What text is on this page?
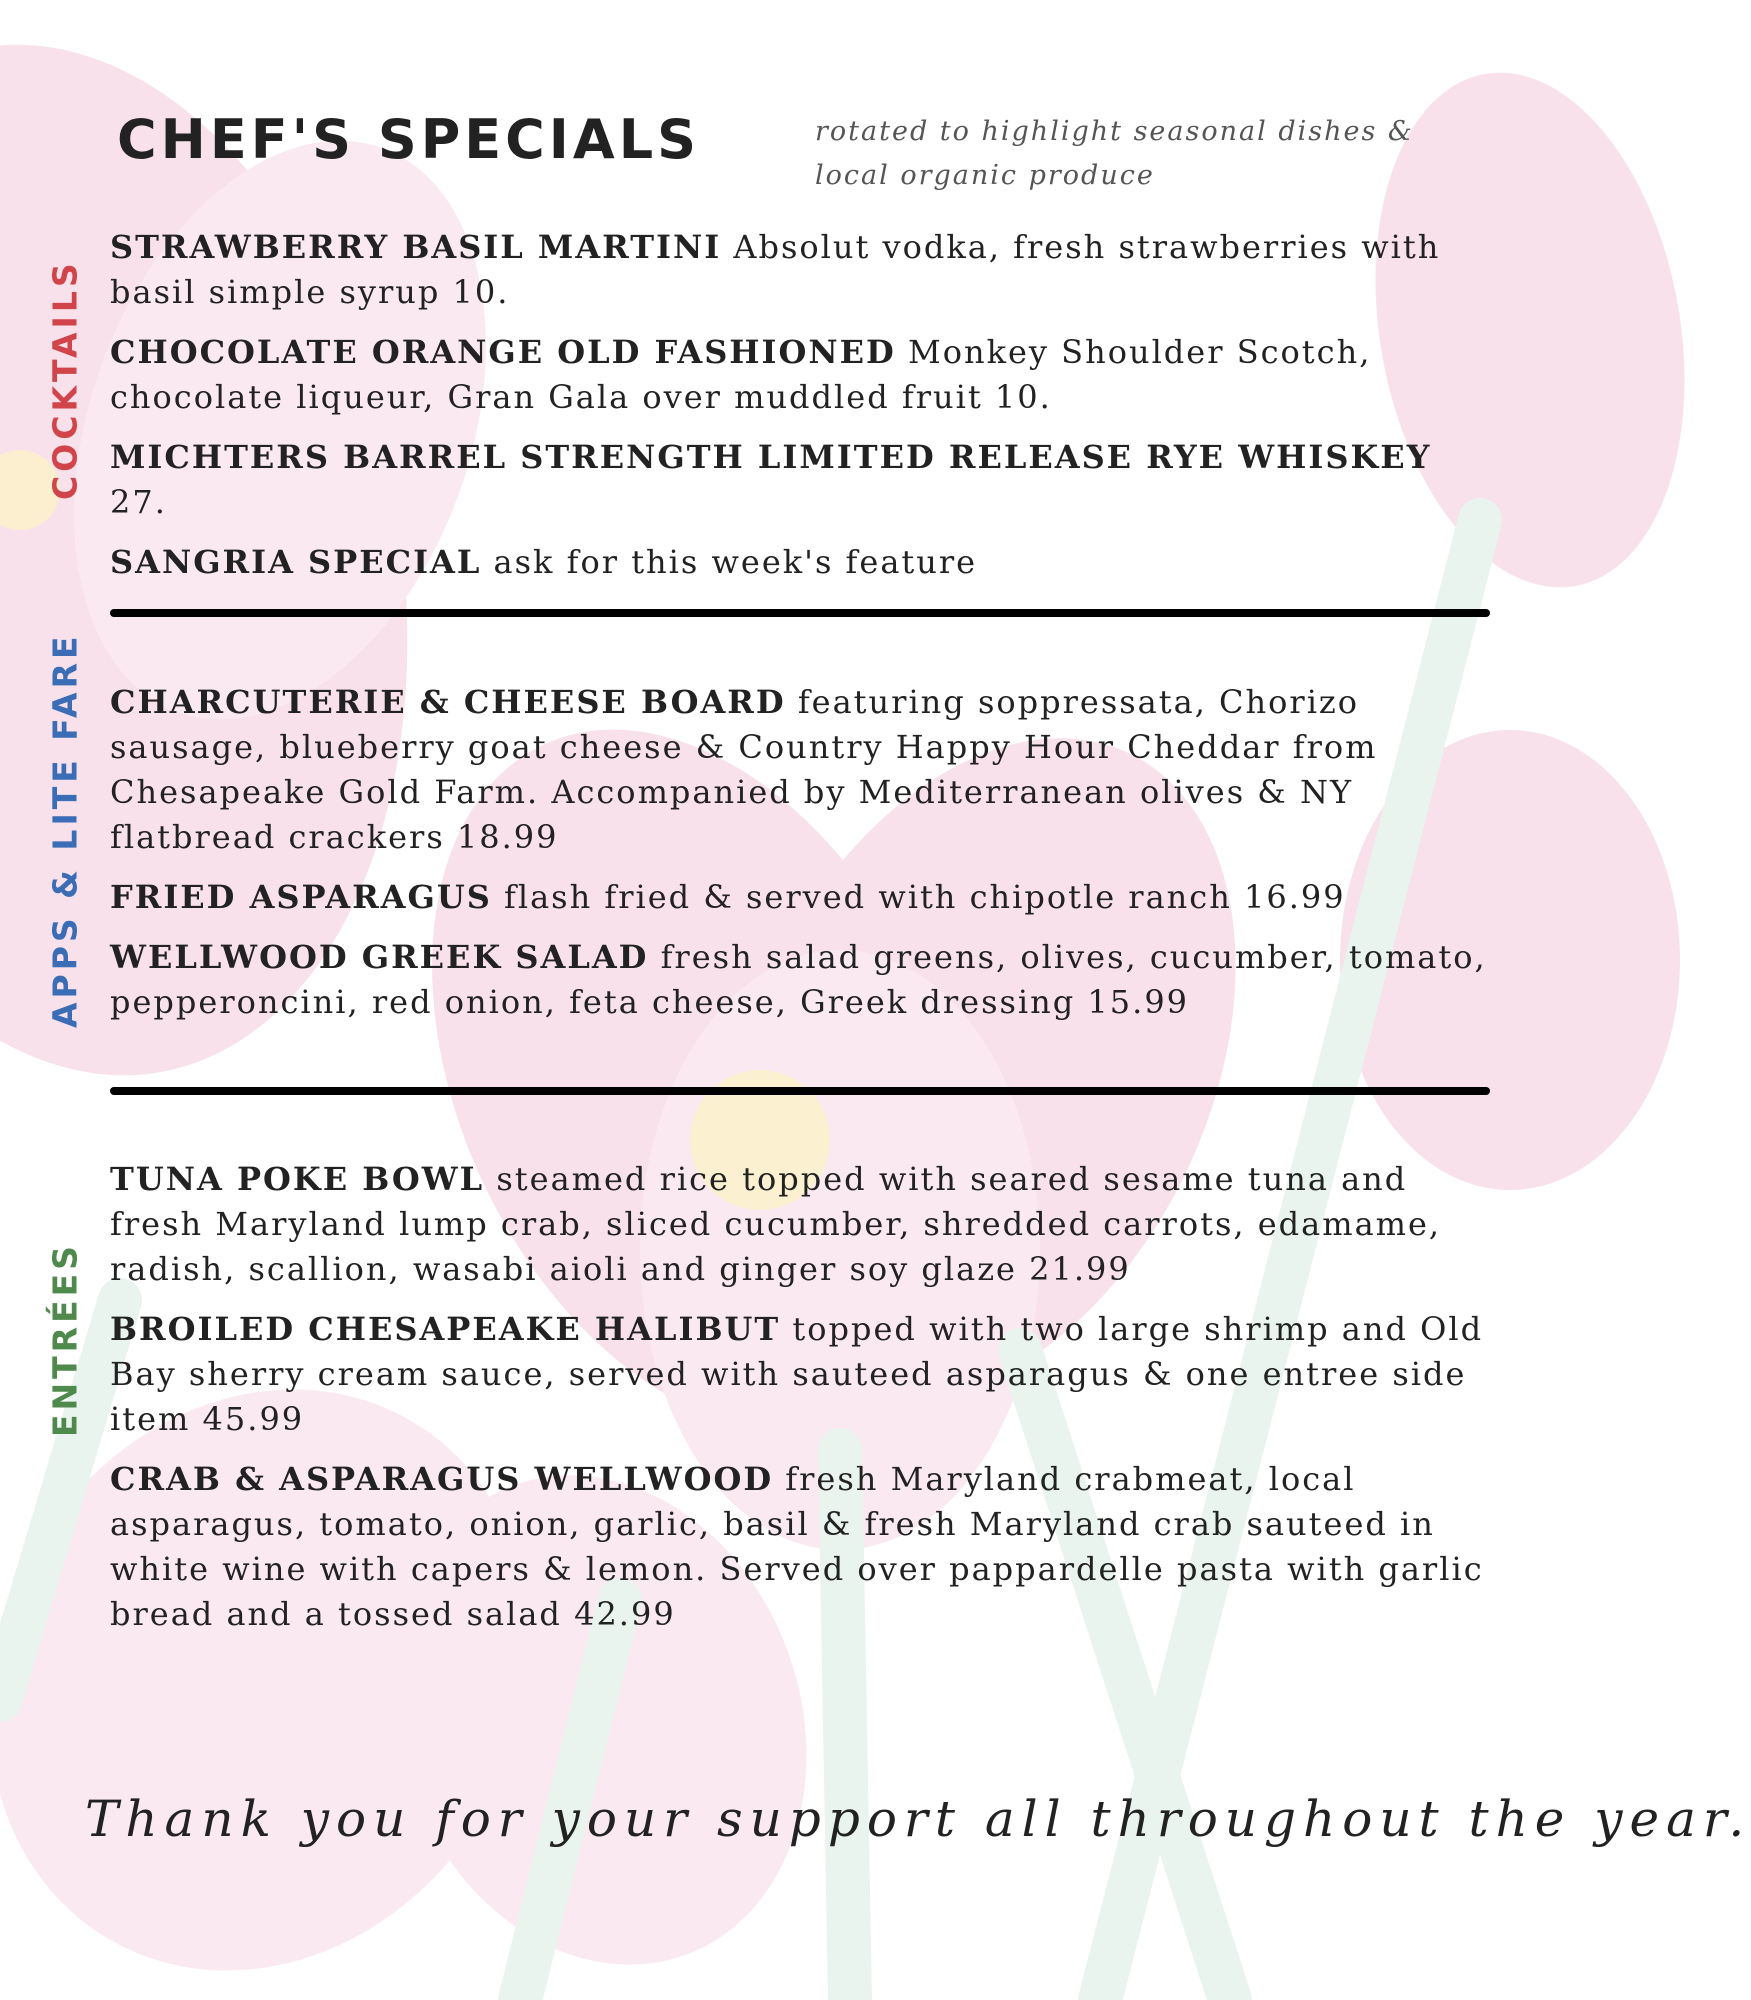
CHEF'S SPECIALS	rotated to highlight seasonal dishes & local organic produce
COCKTAILS
APPS & LITE FARE
ENTRÉES

STRAWBERRY BASIL MARTINI Absolut vodka, fresh strawberries with basil simple syrup 10.

CHOCOLATE ORANGE OLD FASHIONED Monkey Shoulder Scotch, chocolate liqueur, Gran Gala over muddled fruit 10.

MICHTERS BARREL STRENGTH LIMITED RELEASE RYE WHISKEY 27.

SANGRIA SPECIAL ask for this week's feature

CHARCUTERIE & CHEESE BOARD featuring soppressata, Chorizo sausage, blueberry goat cheese & Country Happy Hour Cheddar from Chesapeake Gold Farm. Accompanied by Mediterranean olives & NY flatbread crackers 18.99

FRIED ASPARAGUS flash fried & served with chipotle ranch 16.99

WELLWOOD GREEK SALAD fresh salad greens, olives, cucumber, tomato, pepperoncini, red onion, feta cheese, Greek dressing 15.99

TUNA POKE BOWL steamed rice topped with seared sesame tuna and fresh Maryland lump crab, sliced cucumber, shredded carrots, edamame, radish, scallion, wasabi aioli and ginger soy glaze 21.99

BROILED CHESAPEAKE HALIBUT topped with two large shrimp and Old Bay sherry cream sauce, served with sauteed asparagus & one entree side item 45.99

CRAB & ASPARAGUS WELLWOOD fresh Maryland crabmeat, local asparagus, tomato, onion, garlic, basil & fresh Maryland crab sauteed in white wine with capers & lemon. Served over pappardelle pasta with garlic bread and a tossed salad 42.99

Thank you for your support all throughout the year.
